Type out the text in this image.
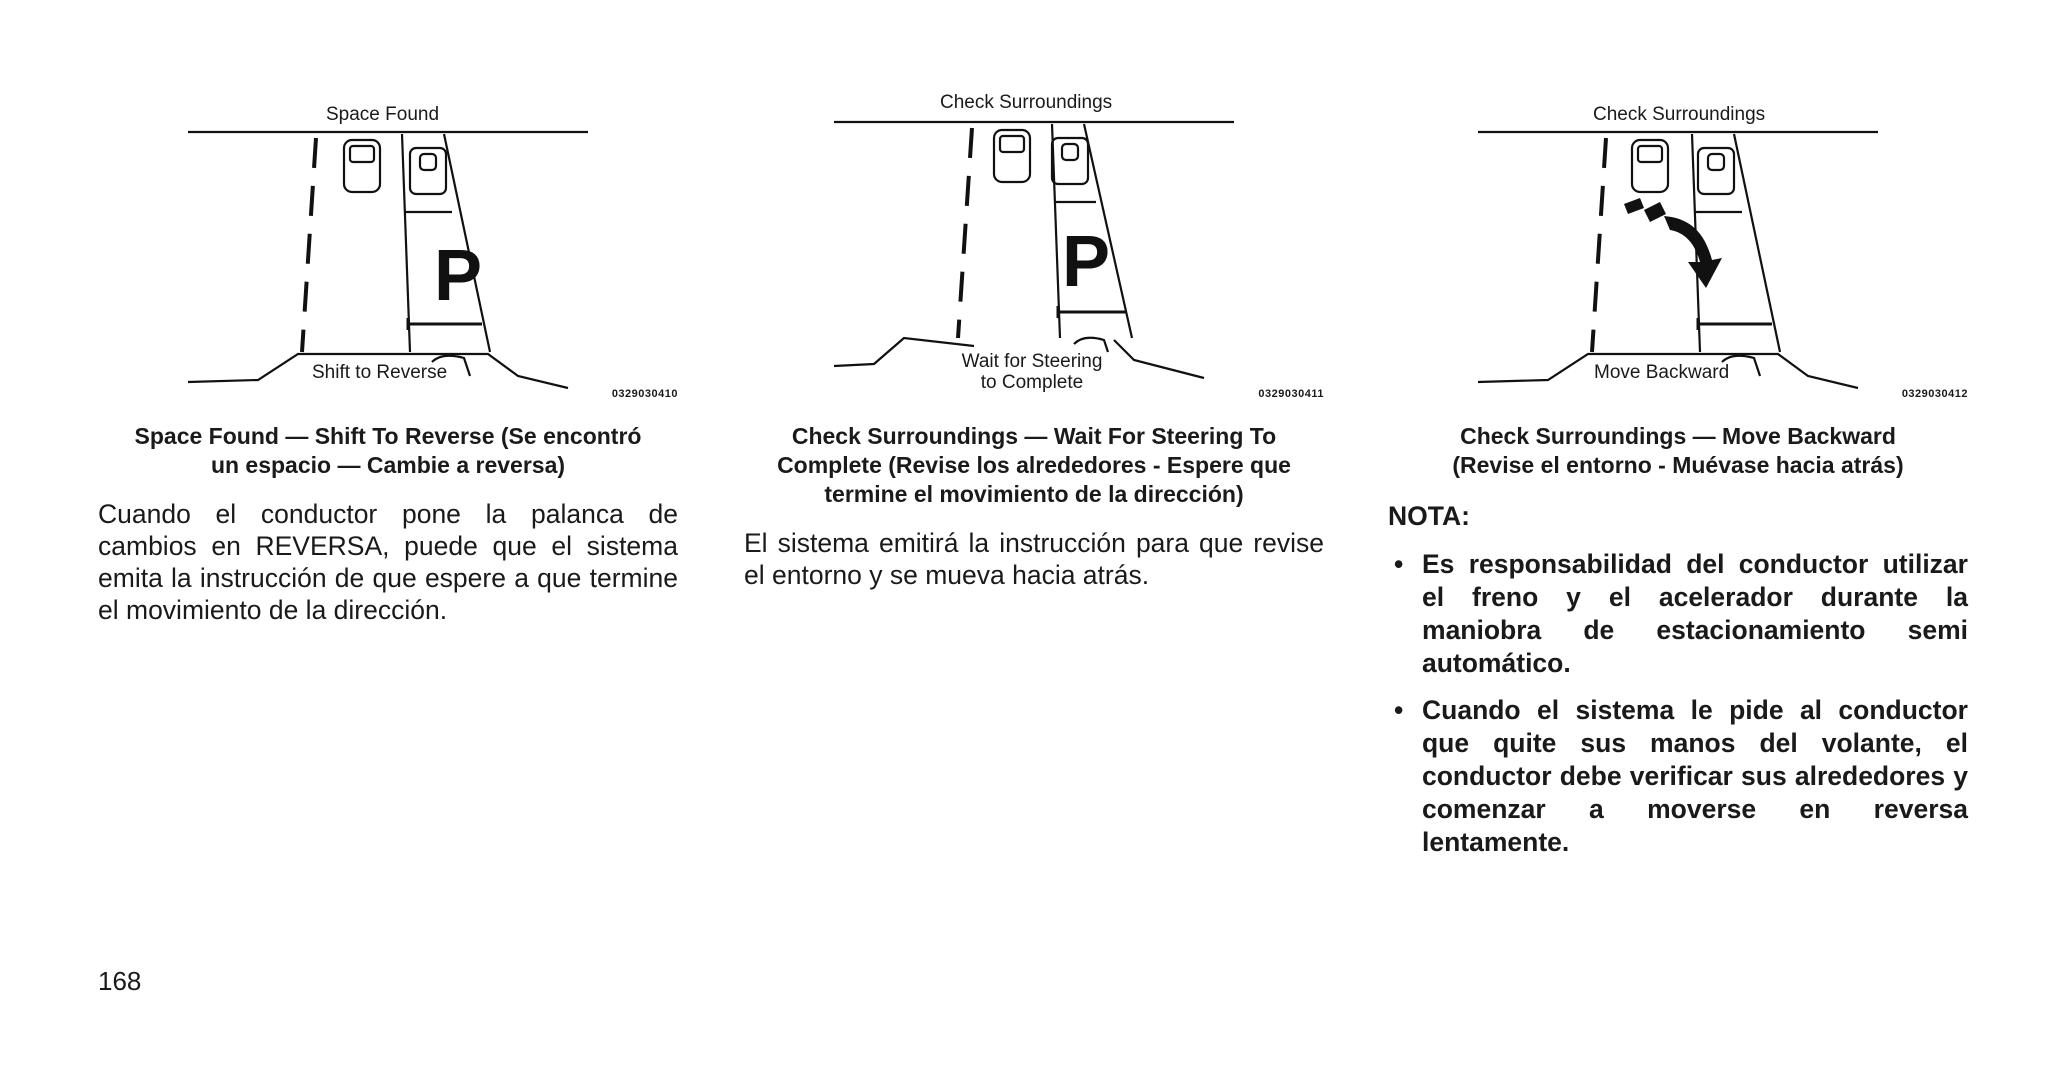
P
Space Found
Shift to Reverse
0329030410
Space Found — Shift To Reverse (Se encontró
un espacio — Cambie a reversa)
Cuando el conductor pone la palanca de cambios en REVERSA, puede que el sistema emita la instrucción de que espere a que termine el movimiento de la dirección.
P
Check Surroundings
Wait for Steering
to Complete
0329030411
Check Surroundings — Wait For Steering To
Complete (Revise los alrededores - Espere que
termine el movimiento de la dirección)
El sistema emitirá la instrucción para que revise el entorno y se mueva hacia atrás.
Check Surroundings
Move Backward
0329030412
Check Surroundings — Move Backward
(Revise el entorno - Muévase hacia atrás)
NOTA:
• Es responsabilidad del conductor utilizar el freno y el acelerador durante la maniobra de estacionamiento semi automático.
• Cuando el sistema le pide al conductor que quite sus manos del volante, el conductor debe verificar sus alrededores y comenzar a moverse en reversa lentamente.
168
